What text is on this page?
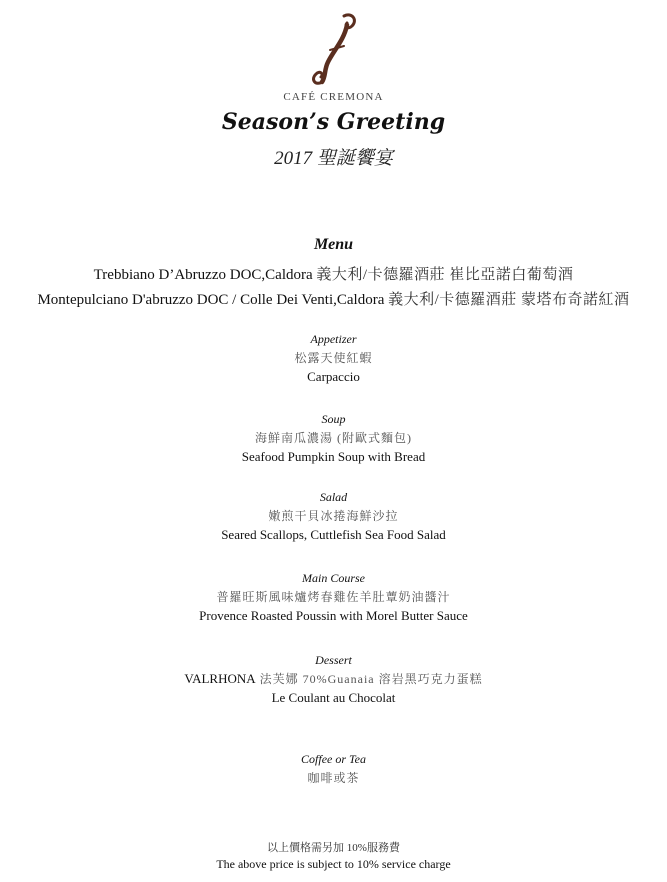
CAFÉ CREMONA
Season’s Greeting
2017 聖誕饗宴
Menu
Trebbiano D’Abruzzo DOC,Caldora 義大利/卡德羅酒莊 崔比亞諾白葡萄酒
Montepulciano D'abruzzo DOC / Colle Dei Venti,Caldora 義大利/卡德羅酒莊 蒙塔布奇諾紅酒
Appetizer
松露天使紅蝦
Carpaccio
Soup
海鮮南瓜濃湯 (附歐式麵包)
Seafood Pumpkin Soup with Bread
Salad
嫩煎干貝冰捲海鮮沙拉
Seared Scallops, Cuttlefish Sea Food Salad
Main Course
普羅旺斯風味爐烤春雞佐羊肚蕈奶油醬汁
Provence Roasted Poussin with Morel Butter Sauce
Dessert
VALRHONA 法芙娜 70%Guanaia 溶岩黑巧克力蛋糕
Le Coulant au Chocolat
Coffee or Tea
咖啡或茶
以上價格需另加 10%服務費
The above price is subject to 10% service charge
